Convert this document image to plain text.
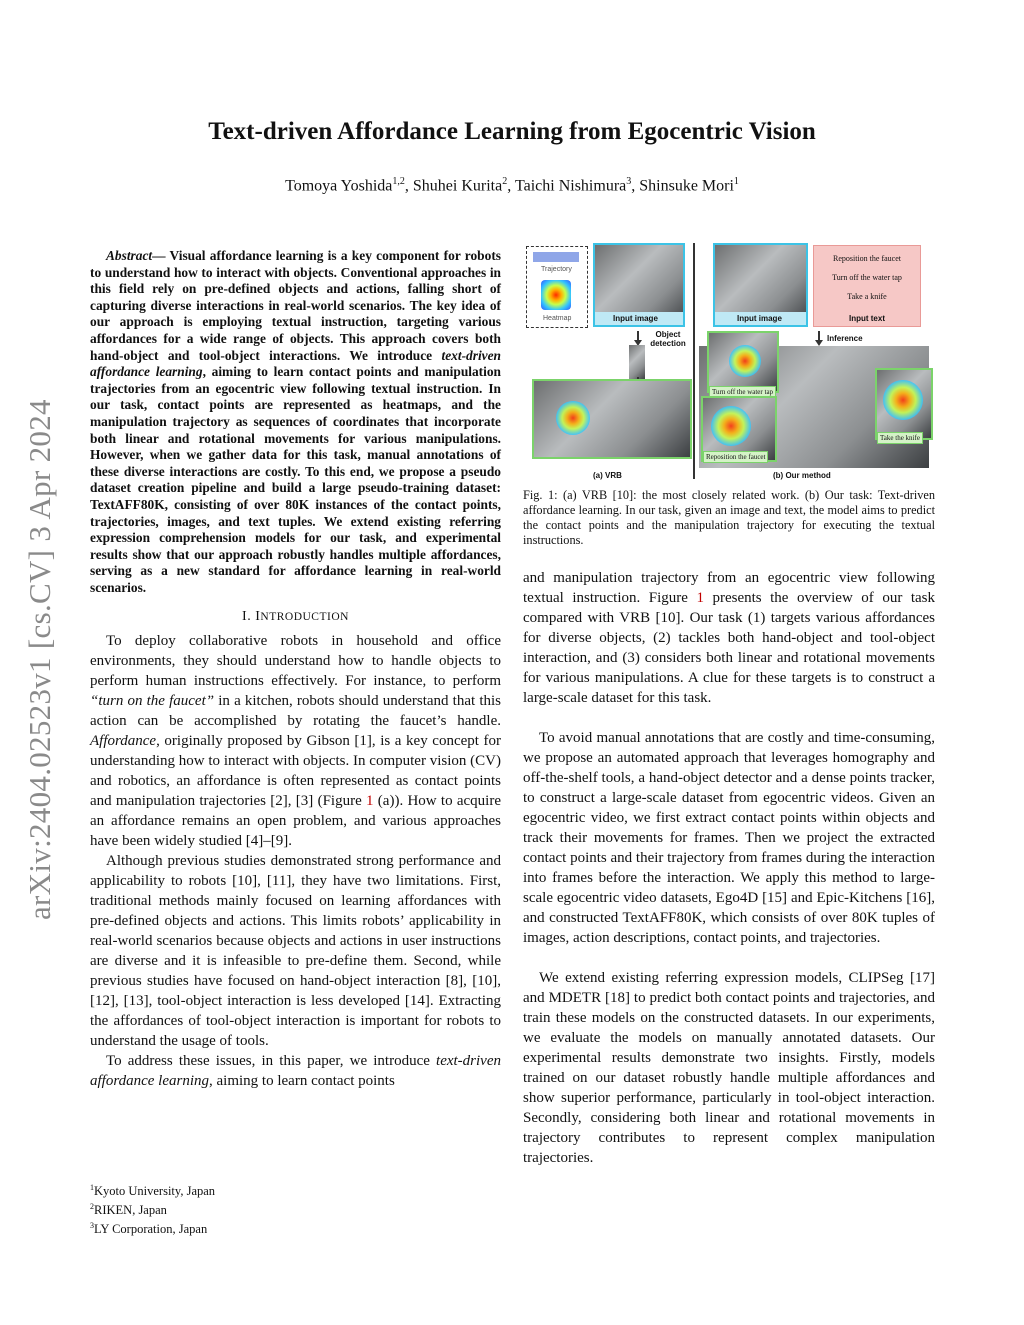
Text-driven Affordance Learning from Egocentric Vision
Tomoya Yoshida$^{1,2}$, Shuhei Kurita$^2$, Taichi Nishimura$^3$, Shinsuke Mori$^1$
arXiv:2404.02523v1 [cs.CV] 3 Apr 2024

Abstract— Visual affordance learning is a key component for robots to understand how to interact with objects. Conventional approaches in this field rely on pre-defined objects and actions, falling short of capturing diverse interactions in real-world scenarios. The key idea of our approach is employing textual instruction, targeting various affordances for a wide range of objects. This approach covers both hand-object and tool-object interactions. We introduce text-driven affordance learning, aiming to learn contact points and manipulation trajectories from an egocentric view following textual instruction. In our task, contact points are represented as heatmaps, and the manipulation trajectory as sequences of coordinates that incorporate both linear and rotational movements for various manipulations. However, when we gather data for this task, manual annotations of these diverse interactions are costly. To this end, we propose a pseudo dataset creation pipeline and build a large pseudo-training dataset: TextAFF80K, consisting of over 80K instances of the contact points, trajectories, images, and text tuples. We extend existing referring expression comprehension models for our task, and experimental results show that our approach robustly handles multiple affordances, serving as a new standard for affordance learning in real-world scenarios.

I. INTRODUCTION

To deploy collaborative robots in household and office environments, they should understand how to handle objects to perform human instructions effectively. For instance, to perform “turn on the faucet” in a kitchen, robots should understand that this action can be accomplished by rotating the faucet’s handle. Affordance, originally proposed by Gibson [1], is a key concept for understanding how to interact with objects. In computer vision (CV) and robotics, an affordance is often represented as contact points and manipulation trajectories [2], [3] (Figure 1 (a)). How to acquire an affordance remains an open problem, and various approaches have been widely studied [4]–[9].

Although previous studies demonstrated strong performance and applicability to robots [10], [11], they have two limitations. First, traditional methods mainly focused on learning affordances with pre-defined objects and actions. This limits robots’ applicability in real-world scenarios because objects and actions in user instructions are diverse and it is infeasible to pre-define them. Second, while previous studies have focused on hand-object interaction [8], [10], [12], [13], tool-object interaction is less developed [14]. Extracting the affordances of tool-object interaction is important for robots to understand the usage of tools.

To address these issues, in this paper, we introduce text-driven affordance learning, aiming to learn contact points

$^1$Kyoto University, Japan
$^2$RIKEN, Japan
$^3$LY Corporation, Japan
Trajectory
Heatmap	Input image
Object detection
(a) VRB
Input image
Reposition the faucet
Turn off the water tap
Take a knife
Input text
Inference
Turn off the water tap
Reposition the faucet
Take the knife
(b) Our method
Fig. 1: (a) VRB [10]: the most closely related work. (b) Our task: Text-driven affordance learning. In our task, given an image and text, the model aims to predict the contact points and the manipulation trajectory for executing the textual instructions.

and manipulation trajectory from an egocentric view following textual instruction. Figure 1 presents the overview of our task compared with VRB [10]. Our task (1) targets various affordances for diverse objects, (2) tackles both hand-object and tool-object interaction, and (3) considers both linear and rotational movements for various manipulations. A clue for these targets is to construct a large-scale dataset for this task.

To avoid manual annotations that are costly and time-consuming, we propose an automated approach that leverages homography and off-the-shelf tools, a hand-object detector and a dense points tracker, to construct a large-scale dataset from egocentric videos. Given an egocentric video, we first extract contact points within objects and track their movements for frames. Then we project the extracted contact points and their trajectory from frames during the interaction into frames before the interaction. We apply this method to large-scale egocentric video datasets, Ego4D [15] and Epic-Kitchens [16], and constructed TextAFF80K, which consists of over 80K tuples of images, action descriptions, contact points, and trajectories.

We extend existing referring expression models, CLIPSeg [17] and MDETR [18] to predict both contact points and trajectories, and train these models on the constructed datasets. In our experiments, we evaluate the models on manually annotated datasets. Our experimental results demonstrate two insights. Firstly, models trained on our dataset robustly handle multiple affordances and show superior performance, particularly in tool-object interaction. Secondly, considering both linear and rotational movements in trajectory contributes to represent complex manipulation trajectories.
